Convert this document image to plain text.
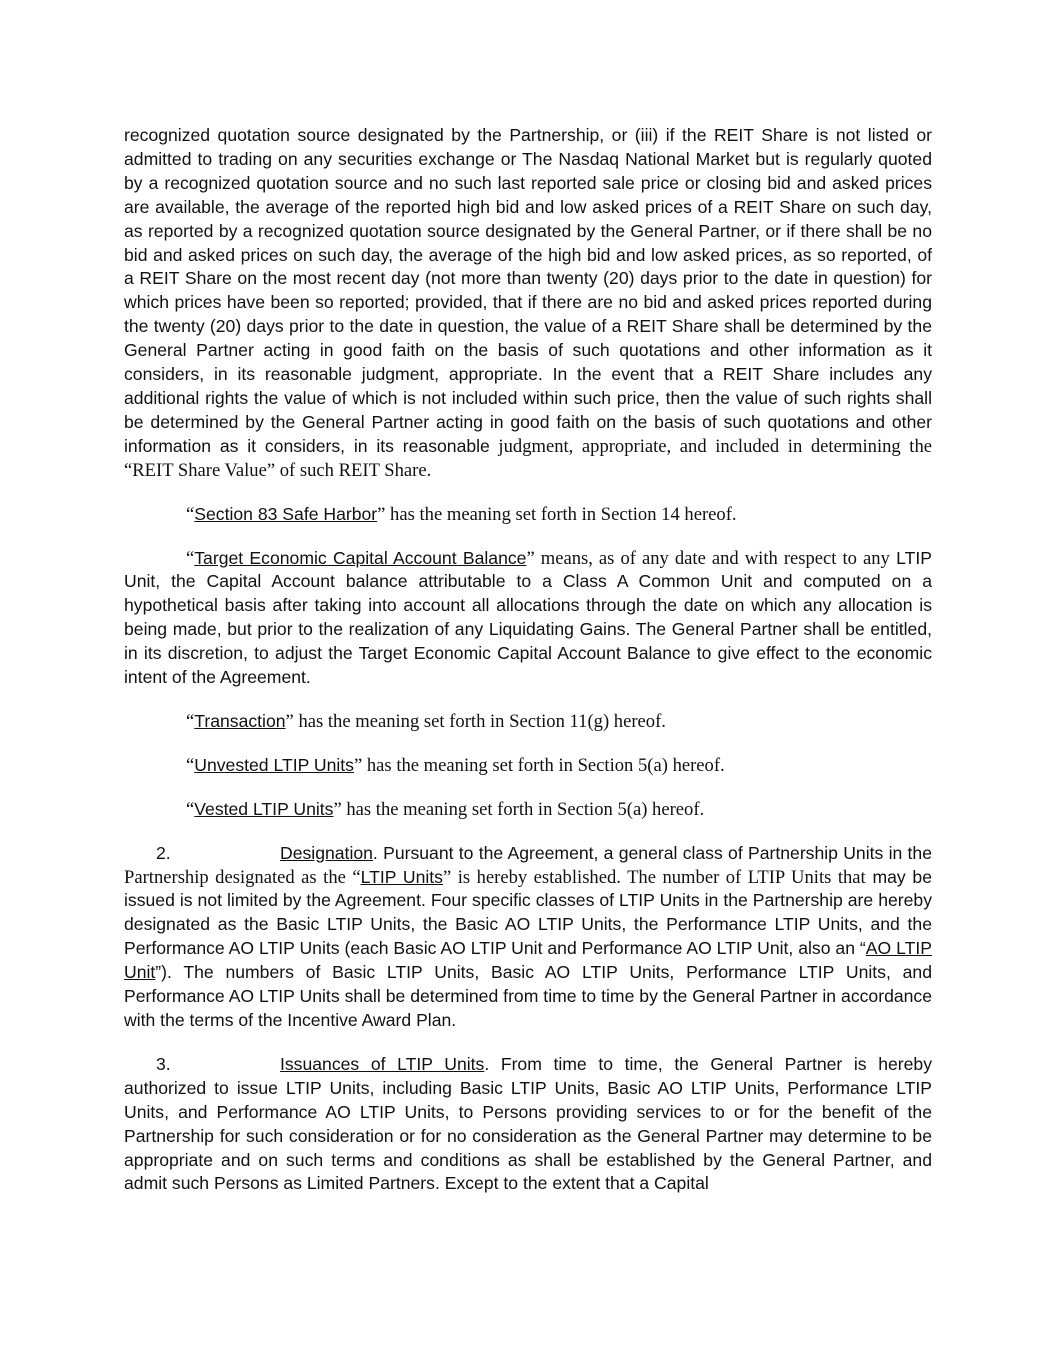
recognized quotation source designated by the Partnership, or (iii) if the REIT Share is not listed or admitted to trading on any securities exchange or The Nasdaq National Market but is regularly quoted by a recognized quotation source and no such last reported sale price or closing bid and asked prices are available, the average of the reported high bid and low asked prices of a REIT Share on such day, as reported by a recognized quotation source designated by the General Partner, or if there shall be no bid and asked prices on such day, the average of the high bid and low asked prices, as so reported, of a REIT Share on the most recent day (not more than twenty (20) days prior to the date in question) for which prices have been so reported; provided, that if there are no bid and asked prices reported during the twenty (20) days prior to the date in question, the value of a REIT Share shall be determined by the General Partner acting in good faith on the basis of such quotations and other information as it considers, in its reasonable judgment, appropriate. In the event that a REIT Share includes any additional rights the value of which is not included within such price, then the value of such rights shall be determined by the General Partner acting in good faith on the basis of such quotations and other information as it considers, in its reasonable judgment, appropriate, and included in determining the “REIT Share Value” of such REIT Share.

“Section 83 Safe Harbor” has the meaning set forth in Section 14 hereof.

“Target Economic Capital Account Balance” means, as of any date and with respect to any LTIP Unit, the Capital Account balance attributable to a Class A Common Unit and computed on a hypothetical basis after taking into account all allocations through the date on which any allocation is being made, but prior to the realization of any Liquidating Gains. The General Partner shall be entitled, in its discretion, to adjust the Target Economic Capital Account Balance to give effect to the economic intent of the Agreement.

“Transaction” has the meaning set forth in Section 11(g) hereof.

“Unvested LTIP Units” has the meaning set forth in Section 5(a) hereof.

“Vested LTIP Units” has the meaning set forth in Section 5(a) hereof.

2.	Designation. Pursuant to the Agreement, a general class of Partnership Units in the Partnership designated as the “LTIP Units” is hereby established. The number of LTIP Units that may be issued is not limited by the Agreement. Four specific classes of LTIP Units in the Partnership are hereby designated as the Basic LTIP Units, the Basic AO LTIP Units, the Performance LTIP Units, and the Performance AO LTIP Units (each Basic AO LTIP Unit and Performance AO LTIP Unit, also an “AO LTIP Unit”). The numbers of Basic LTIP Units, Basic AO LTIP Units, Performance LTIP Units, and Performance AO LTIP Units shall be determined from time to time by the General Partner in accordance with the terms of the Incentive Award Plan.

3.	Issuances of LTIP Units. From time to time, the General Partner is hereby authorized to issue LTIP Units, including Basic LTIP Units, Basic AO LTIP Units, Performance LTIP Units, and Performance AO LTIP Units, to Persons providing services to or for the benefit of the Partnership for such consideration or for no consideration as the General Partner may determine to be appropriate and on such terms and conditions as shall be established by the General Partner, and admit such Persons as Limited Partners. Except to the extent that a Capital
